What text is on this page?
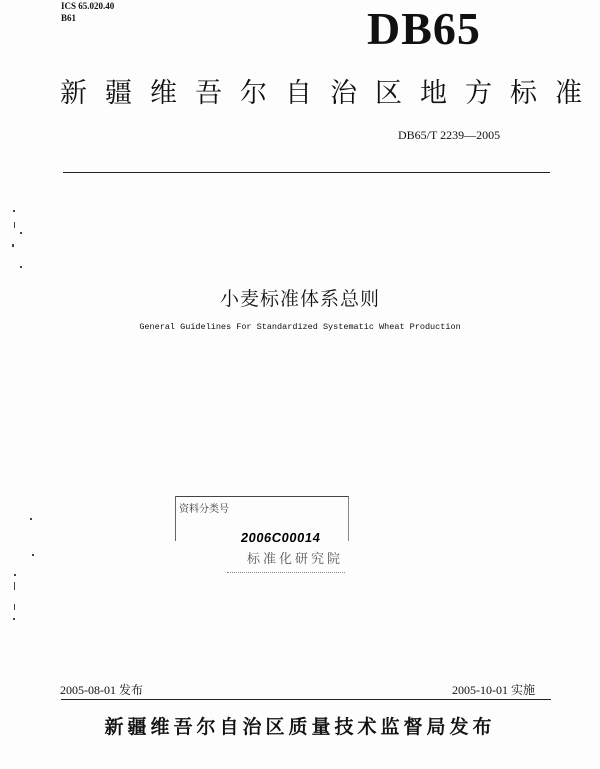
ICS 65.020.40
B61	DB65
新疆维吾尔自治区地方标准
DB65/T 2239—2005
小麦标准体系总则
General Guidelines For Standardized Systematic Wheat Production
资料分类号
2006C00014
标准化研究院
2005-08-01 发布	2005-10-01 实施
新疆维吾尔自治区质量技术监督局发布
